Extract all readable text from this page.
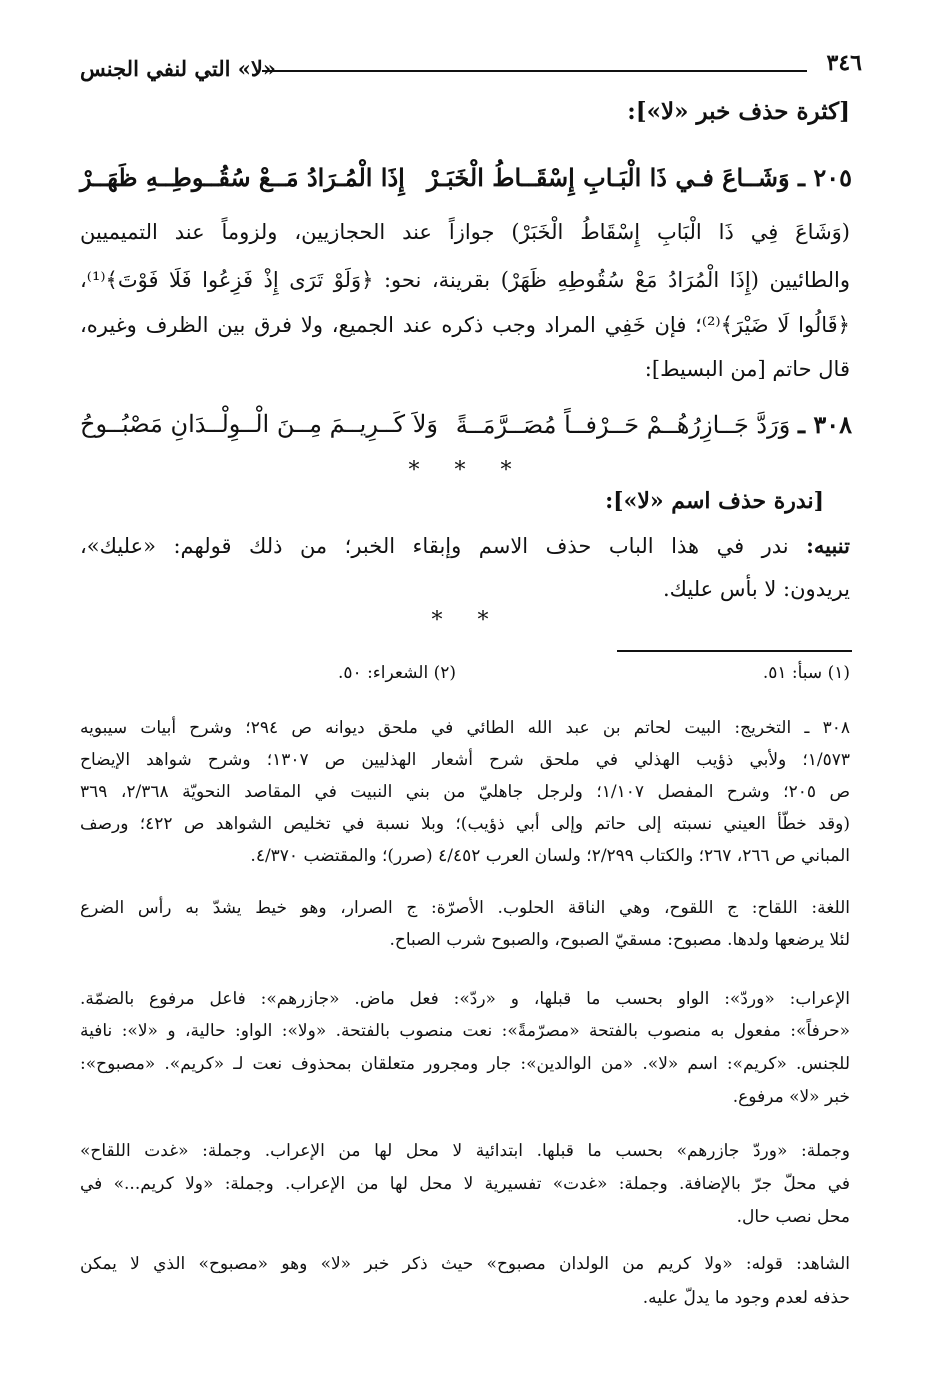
٣٤٦
«لا» التي لنفي الجنس
[كثرة حذف خبر «لا»]:
٢٠٥ ـ وَشَــاعَ فـي ذَا الْبَـابِ إِسْقَــاطُ الْخَبَـرْ
إِذَا الْمُـرَادُ مَــعْ سُقُــوطِــهِ ظَهَــرْ
(وَشَاعَ فِي ذَا الْبَابِ إِسْقَاطُ الْخَبَرْ) جوازاً عند الحجازيين، ولزوماً عند التميميين
والطائيين (إِذَا الْمُرَادُ مَعْ سُقُوطِهِ ظَهَرْ) بقرينة، نحو: ﴿وَلَوْ تَرَى إِذْ فَزِعُوا فَلَا فَوْتَ﴾⁽¹⁾،
﴿قَالُوا لَا ضَيْرَ﴾⁽²⁾؛ فإن خَفِي المراد وجب ذكره عند الجميع، ولا فرق بين الظرف وغيره،
قال حاتم [من البسيط]:
٣٠٨ ـ وَرَدَّ جَــازِرُهُــمْ حَــرْفــاً مُصَــرَّمَــةً
وَلاَ كَــرِيــمَ مِــنَ الْــوِلْــدَانِ مَصْبُــوحُ
* * *
[ندرة حذف اسم «لا»]:
تنبيه: ندر في هذا الباب حذف الاسم وإبقاء الخبر؛ من ذلك قولهم: «عليك»،
يريدون: لا بأس عليك.
* *
(١) سبأ: ٥١.
(٢) الشعراء: ٥٠.
٣٠٨ ـ التخريج: البيت لحاتم بن عبد الله الطائي في ملحق ديوانه ص ٢٩٤؛ وشرح أبيات سيبويه
١/٥٧٣؛ ولأبي ذؤيب الهذلي في ملحق شرح أشعار الهذليين ص ١٣٠٧؛ وشرح شواهد الإيضاح
ص ٢٠٥؛ وشرح المفصل ١/١٠٧؛ ولرجل جاهليّ من بني النبيت في المقاصد النحويّة ٢/٣٦٨، ٣٦٩
(وقد خطّأ العيني نسبته إلى حاتم وإلى أبي ذؤيب)؛ وبلا نسبة في تخليص الشواهد ص ٤٢٢؛ ورصف
المباني ص ٢٦٦، ٢٦٧؛ والكتاب ٢/٢٩٩؛ ولسان العرب ٤/٤٥٢ (صرر)؛ والمقتضب ٤/٣٧٠.
اللغة: اللقاح: ج اللقوح، وهي الناقة الحلوب. الأصرّة: ج الصرار، وهو خيط يشدّ به رأس الضرع
لئلا يرضعها ولدها. مصبوح: مسقيّ الصبوح، والصبوح شرب الصباح.
الإعراب: «وردّ»: الواو بحسب ما قبلها، و «ردّ»: فعل ماض. «جازرهم»: فاعل مرفوع بالضمّة.
«حرفاً»: مفعول به منصوب بالفتحة «مصرّمةً»: نعت منصوب بالفتحة. «ولا»: الواو: حالية، و «لا»: نافية
للجنس. «كريم»: اسم «لا». «من الوالدين»: جار ومجرور متعلقان بمحذوف نعت لـ «كريم». «مصبوح»:
خبر «لا» مرفوع.
وجملة: «وردّ جازرهم» بحسب ما قبلها. ابتدائية لا محل لها من الإعراب. وجملة: «غدت اللقاح»
في محلّ جرّ بالإضافة. وجملة: «غدت» تفسيرية لا محل لها من الإعراب. وجملة: «ولا كريم...» في
محل نصب حال.
الشاهد: قوله: «ولا كريم من الولدان مصبوح» حيث ذكر خبر «لا» وهو «مصبوح» الذي لا يمكن
حذفه لعدم وجود ما يدلّ عليه.
